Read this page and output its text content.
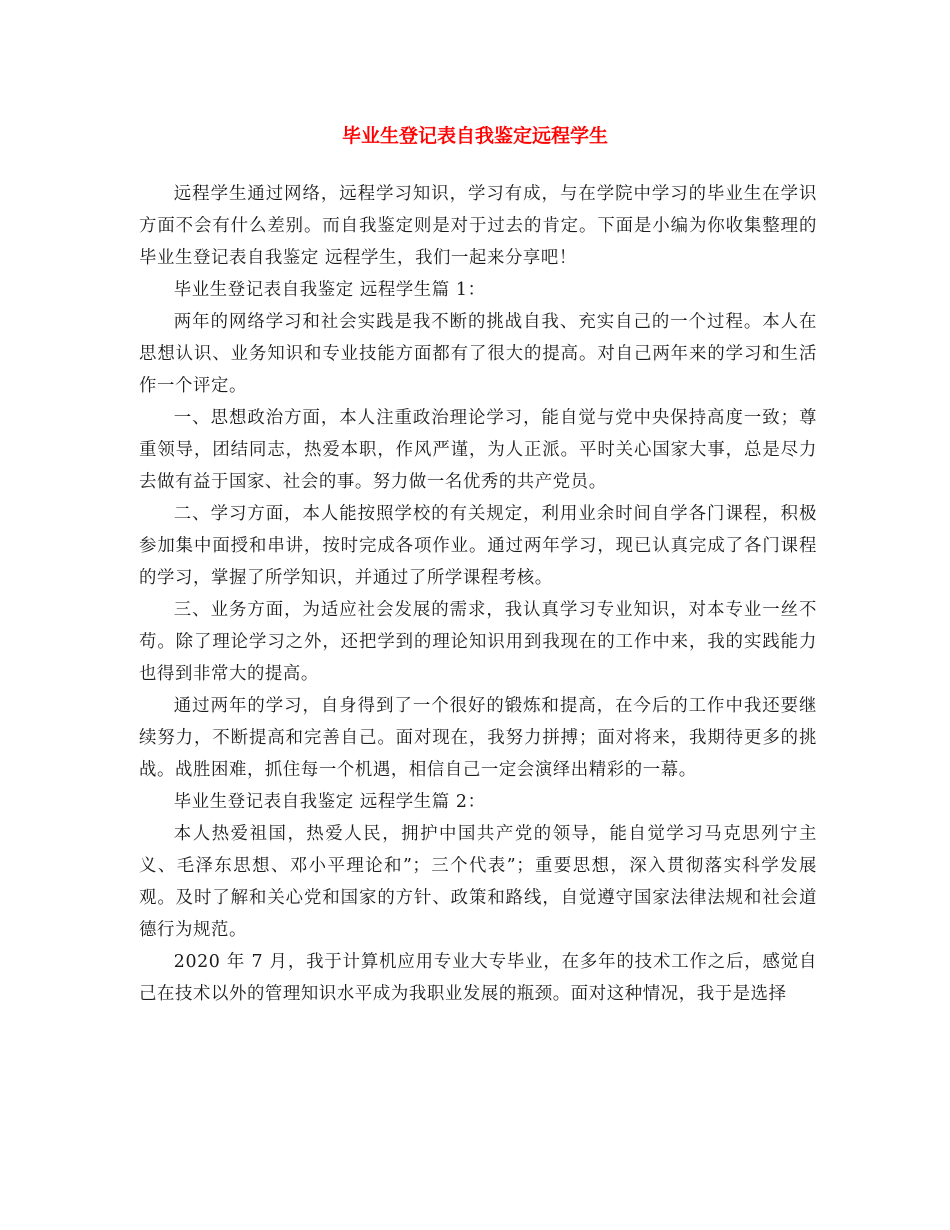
毕业生登记表自我鉴定远程学生

远程学生通过网络，远程学习知识，学习有成，与在学院中学习的毕业生在学识方面不会有什么差别。而自我鉴定则是对于过去的肯定。下面是小编为你收集整理的毕业生登记表自我鉴定 远程学生，我们一起来分享吧！

毕业生登记表自我鉴定 远程学生篇 1：

两年的网络学习和社会实践是我不断的挑战自我、充实自己的一个过程。本人在思想认识、业务知识和专业技能方面都有了很大的提高。对自己两年来的学习和生活作一个评定。

一、思想政治方面，本人注重政治理论学习，能自觉与党中央保持高度一致；尊重领导，团结同志，热爱本职，作风严谨，为人正派。平时关心国家大事，总是尽力去做有益于国家、社会的事。努力做一名优秀的共产党员。

二、学习方面，本人能按照学校的有关规定，利用业余时间自学各门课程，积极参加集中面授和串讲，按时完成各项作业。通过两年学习，现已认真完成了各门课程的学习，掌握了所学知识，并通过了所学课程考核。

三、业务方面，为适应社会发展的需求，我认真学习专业知识，对本专业一丝不苟。除了理论学习之外，还把学到的理论知识用到我现在的工作中来，我的实践能力也得到非常大的提高。

通过两年的学习，自身得到了一个很好的锻炼和提高，在今后的工作中我还要继续努力，不断提高和完善自己。面对现在，我努力拼搏；面对将来，我期待更多的挑战。战胜困难，抓住每一个机遇，相信自己一定会演绎出精彩的一幕。

毕业生登记表自我鉴定 远程学生篇 2：

本人热爱祖国，热爱人民，拥护中国共产党的领导，能自觉学习马克思列宁主义、毛泽东思想、邓小平理论和”；三个代表”；重要思想，深入贯彻落实科学发展观。及时了解和关心党和国家的方针、政策和路线，自觉遵守国家法律法规和社会道德行为规范。

2020 年 7 月，我于计算机应用专业大专毕业，在多年的技术工作之后，感觉自己在技术以外的管理知识水平成为我职业发展的瓶颈。面对这种情况，我于是选择
